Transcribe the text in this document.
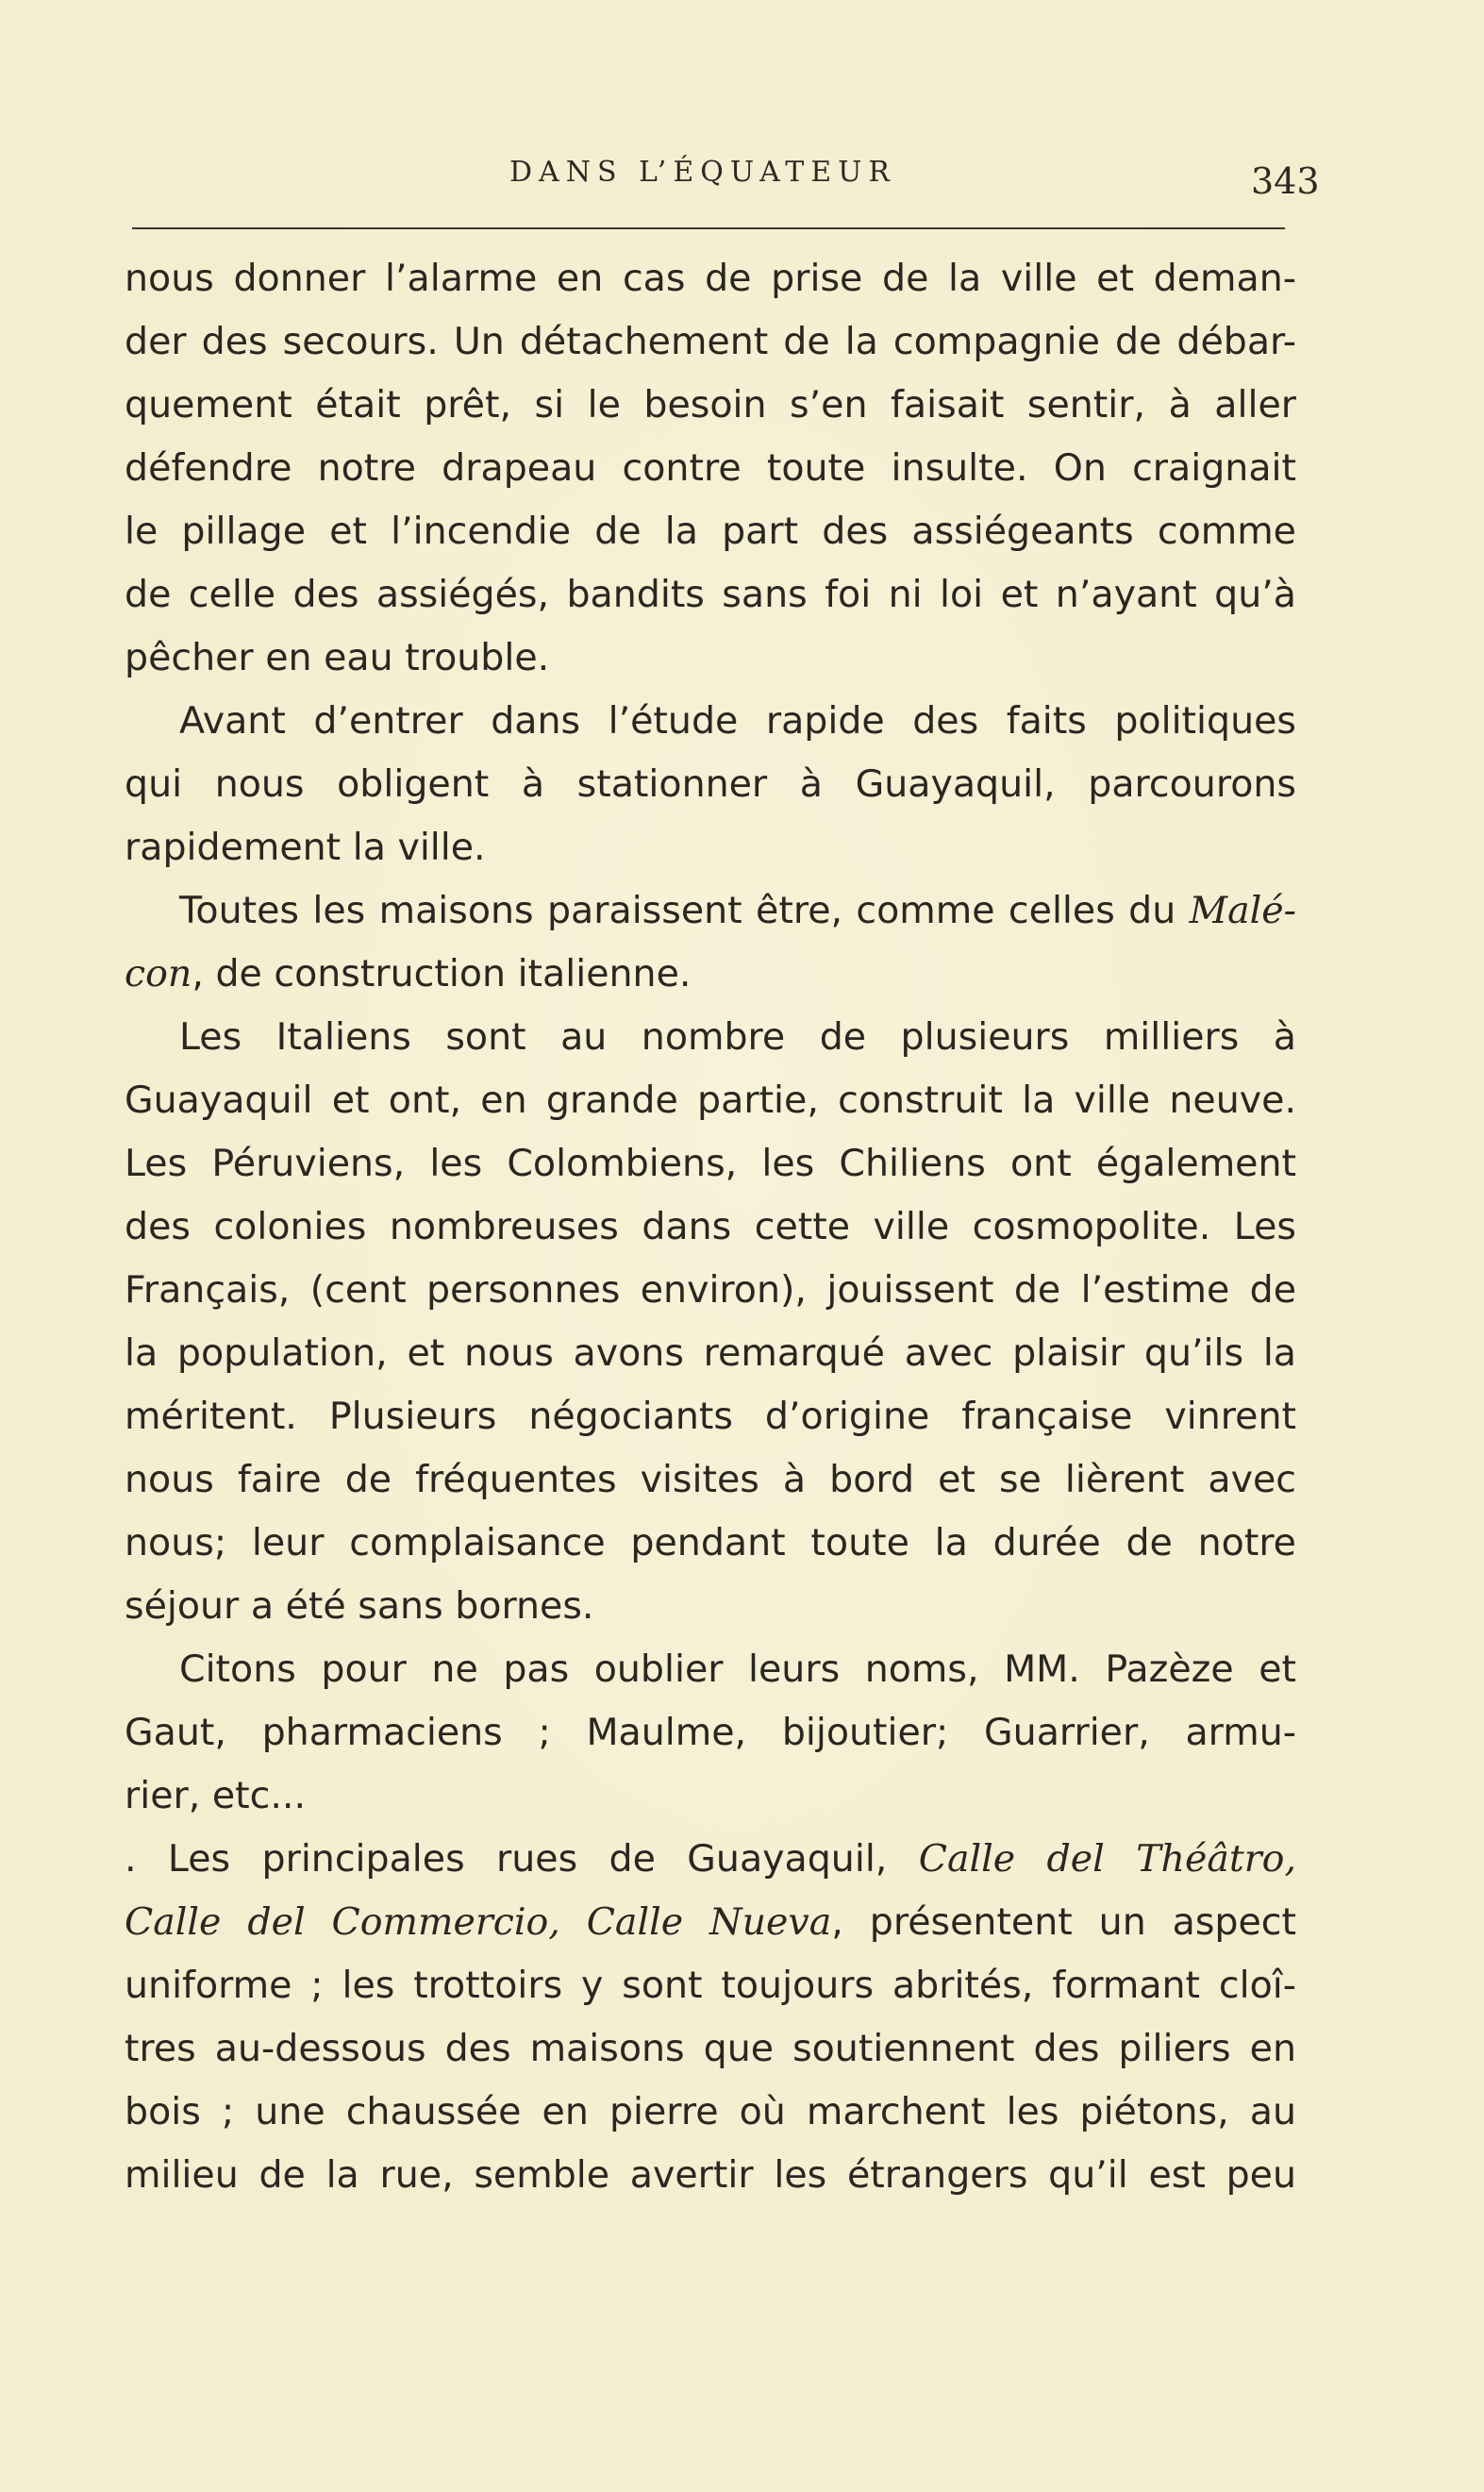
DANS L’ÉQUATEUR	343
nous donner l’alarme en cas de prise de la ville et deman-
der des secours. Un détachement de la compagnie de débar-
quement était prêt, si le besoin s’en faisait sentir, à aller
défendre notre drapeau contre toute insulte. On craignait
le pillage et l’incendie de la part des assiégeants comme
de celle des assiégés, bandits sans foi ni loi et n’ayant qu’à
pêcher en eau trouble.
Avant d’entrer dans l’étude rapide des faits politiques
qui nous obligent à stationner à Guayaquil, parcourons
rapidement la ville.
Toutes les maisons paraissent être, comme celles du Malé-
con, de construction italienne.
Les Italiens sont au nombre de plusieurs milliers à
Guayaquil et ont, en grande partie, construit la ville neuve.
Les Péruviens, les Colombiens, les Chiliens ont également
des colonies nombreuses dans cette ville cosmopolite. Les
Français, (cent personnes environ), jouissent de l’estime de
la population, et nous avons remarqué avec plaisir qu’ils la
méritent. Plusieurs négociants d’origine française vinrent
nous faire de fréquentes visites à bord et se lièrent avec
nous; leur complaisance pendant toute la durée de notre
séjour a été sans bornes.
Citons pour ne pas oublier leurs noms, MM. Pazèze et
Gaut, pharmaciens ; Maulme, bijoutier; Guarrier, armu-
rier, etc...
. Les principales rues de Guayaquil, Calle del Théâtro,
Calle del Commercio, Calle Nueva, présentent un aspect
uniforme ; les trottoirs y sont toujours abrités, formant cloî-
tres au-dessous des maisons que soutiennent des piliers en
bois ; une chaussée en pierre où marchent les piétons, au
milieu de la rue, semble avertir les étrangers qu’il est peu
